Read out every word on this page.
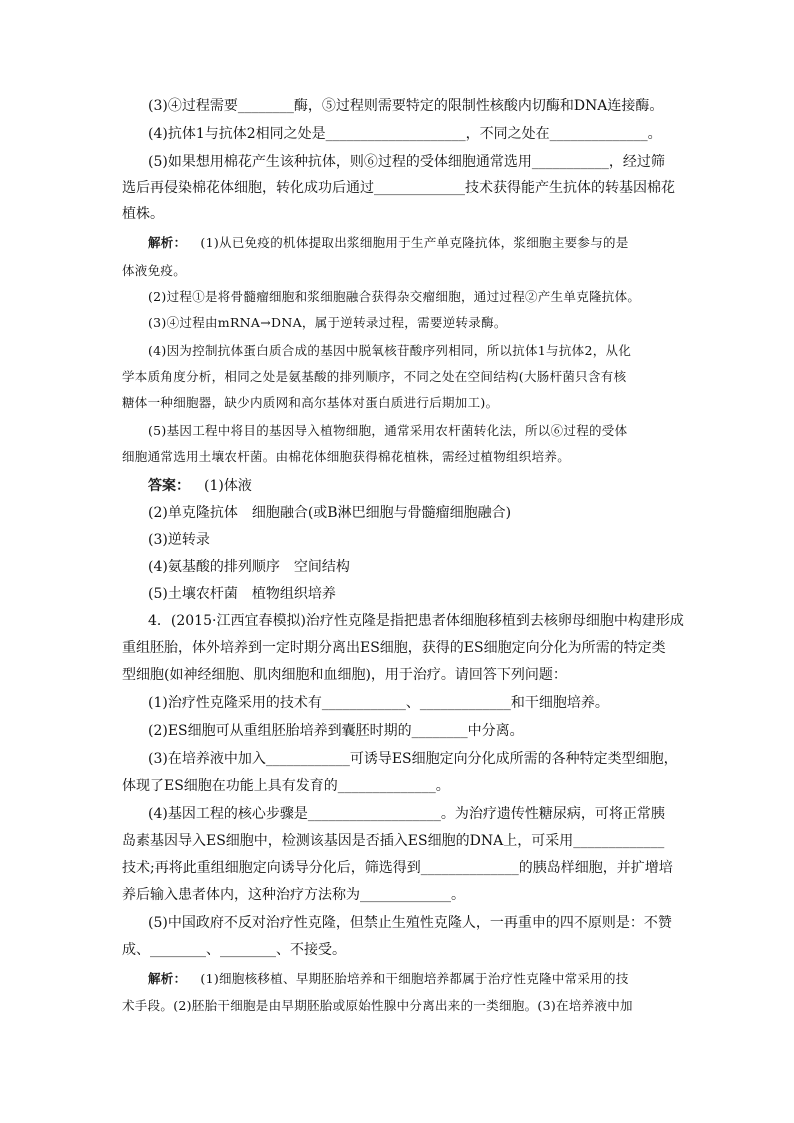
(3)④过程需要________酶，⑤过程则需要特定的限制性核酸内切酶和DNA连接酶。
(4)抗体1与抗体2相同之处是____________________，不同之处在______________。
(5)如果想用棉花产生该种抗体，则⑥过程的受体细胞通常选用___________，经过筛
选后再侵染棉花体细胞，转化成功后通过_____________技术获得能产生抗体的转基因棉花
植株。
解析： (1)从已免疫的机体提取出浆细胞用于生产单克隆抗体，浆细胞主要参与的是
体液免疫。
(2)过程①是将骨髓瘤细胞和浆细胞融合获得杂交瘤细胞，通过过程②产生单克隆抗体。
(3)④过程由mRNA→DNA，属于逆转录过程，需要逆转录酶。
(4)因为控制抗体蛋白质合成的基因中脱氧核苷酸序列相同，所以抗体1与抗体2，从化
学本质角度分析，相同之处是氨基酸的排列顺序，不同之处在空间结构(大肠杆菌只含有核
糖体一种细胞器，缺少内质网和高尔基体对蛋白质进行后期加工)。
(5)基因工程中将目的基因导入植物细胞，通常采用农杆菌转化法，所以⑥过程的受体
细胞通常选用土壤农杆菌。由棉花体细胞获得棉花植株，需经过植物组织培养。
答案： (1)体液
(2)单克隆抗体　细胞融合(或B淋巴细胞与骨髓瘤细胞融合)
(3)逆转录
(4)氨基酸的排列顺序　空间结构
(5)土壤农杆菌　植物组织培养
4．(2015·江西宜春模拟)治疗性克隆是指把患者体细胞移植到去核卵母细胞中构建形成
重组胚胎，体外培养到一定时期分离出ES细胞，获得的ES细胞定向分化为所需的特定类
型细胞(如神经细胞、肌肉细胞和血细胞)，用于治疗。请回答下列问题：
(1)治疗性克隆采用的技术有____________、_____________和干细胞培养。
(2)ES细胞可从重组胚胎培养到囊胚时期的________中分离。
(3)在培养液中加入____________可诱导ES细胞定向分化成所需的各种特定类型细胞，
体现了ES细胞在功能上具有发育的______________。
(4)基因工程的核心步骤是___________________。为治疗遗传性糖尿病，可将正常胰
岛素基因导入ES细胞中，检测该基因是否插入ES细胞的DNA上，可采用_____________
技术;再将此重组细胞定向诱导分化后，筛选得到______________的胰岛样细胞，并扩增培
养后输入患者体内，这种治疗方法称为_____________。
(5)中国政府不反对治疗性克隆，但禁止生殖性克隆人，一再重申的四不原则是：不赞
成、________、________、不接受。
解析： (1)细胞核移植、早期胚胎培养和干细胞培养都属于治疗性克隆中常采用的技
术手段。(2)胚胎干细胞是由早期胚胎或原始性腺中分离出来的一类细胞。(3)在培养液中加
